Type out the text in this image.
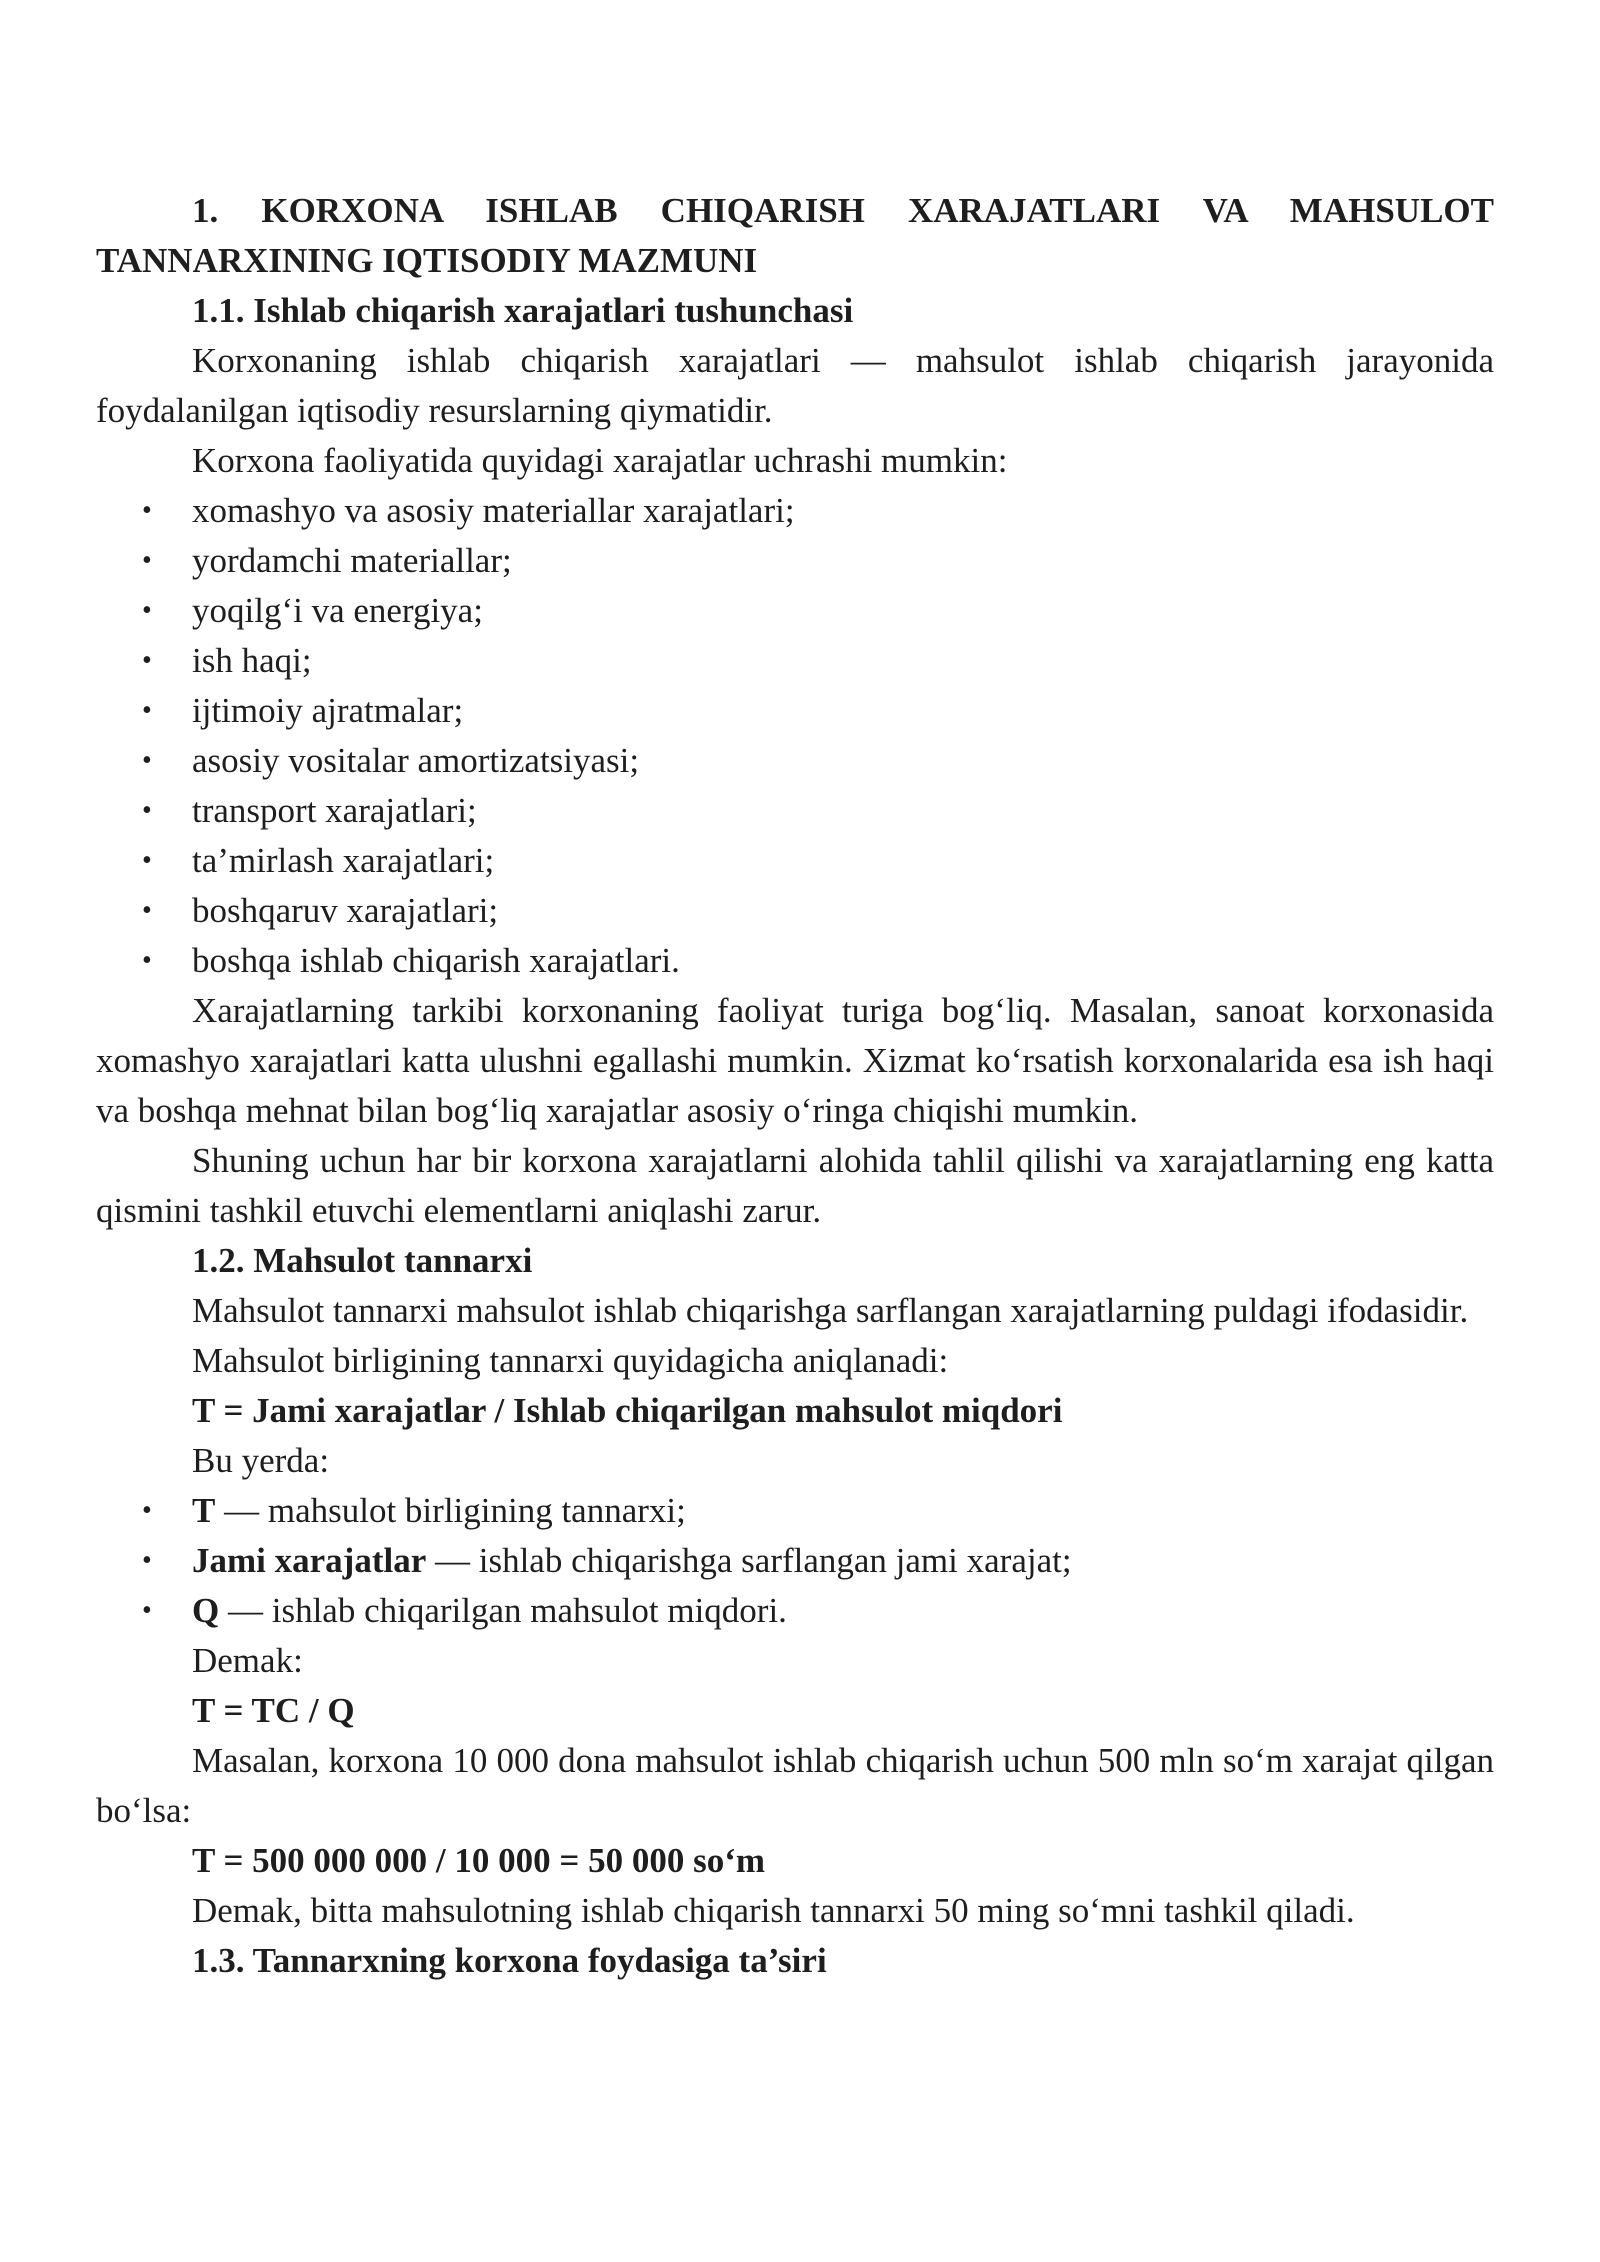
1. KORXONA ISHLAB CHIQARISH XARAJATLARI VA MAHSULOT TANNARXINING IQTISODIY MAZMUNI

1.1. Ishlab chiqarish xarajatlari tushunchasi

Korxonaning ishlab chiqarish xarajatlari — mahsulot ishlab chiqarish jarayonida foydalanilgan iqtisodiy resurslarning qiymatidir.

Korxona faoliyatida quyidagi xarajatlar uchrashi mumkin:

• xomashyo va asosiy materiallar xarajatlari;
• yordamchi materiallar;
• yoqilg‘i va energiya;
• ish haqi;
• ijtimoiy ajratmalar;
• asosiy vositalar amortizatsiyasi;
• transport xarajatlari;
• ta’mirlash xarajatlari;
• boshqaruv xarajatlari;
• boshqa ishlab chiqarish xarajatlari.

Xarajatlarning tarkibi korxonaning faoliyat turiga bog‘liq. Masalan, sanoat korxonasida xomashyo xarajatlari katta ulushni egallashi mumkin. Xizmat ko‘rsatish korxonalarida esa ish haqi va boshqa mehnat bilan bog‘liq xarajatlar asosiy o‘ringa chiqishi mumkin.

Shuning uchun har bir korxona xarajatlarni alohida tahlil qilishi va xarajatlarning eng katta qismini tashkil etuvchi elementlarni aniqlashi zarur.

1.2. Mahsulot tannarxi

Mahsulot tannarxi mahsulot ishlab chiqarishga sarflangan xarajatlarning puldagi ifodasidir.

Mahsulot birligining tannarxi quyidagicha aniqlanadi:

T = Jami xarajatlar / Ishlab chiqarilgan mahsulot miqdori

Bu yerda:

• T — mahsulot birligining tannarxi;
• Jami xarajatlar — ishlab chiqarishga sarflangan jami xarajat;
• Q — ishlab chiqarilgan mahsulot miqdori.

Demak:

T = TC / Q

Masalan, korxona 10 000 dona mahsulot ishlab chiqarish uchun 500 mln so‘m xarajat qilgan bo‘lsa:

T = 500 000 000 / 10 000 = 50 000 so‘m

Demak, bitta mahsulotning ishlab chiqarish tannarxi 50 ming so‘mni tashkil qiladi.

1.3. Tannarxning korxona foydasiga ta’siri
